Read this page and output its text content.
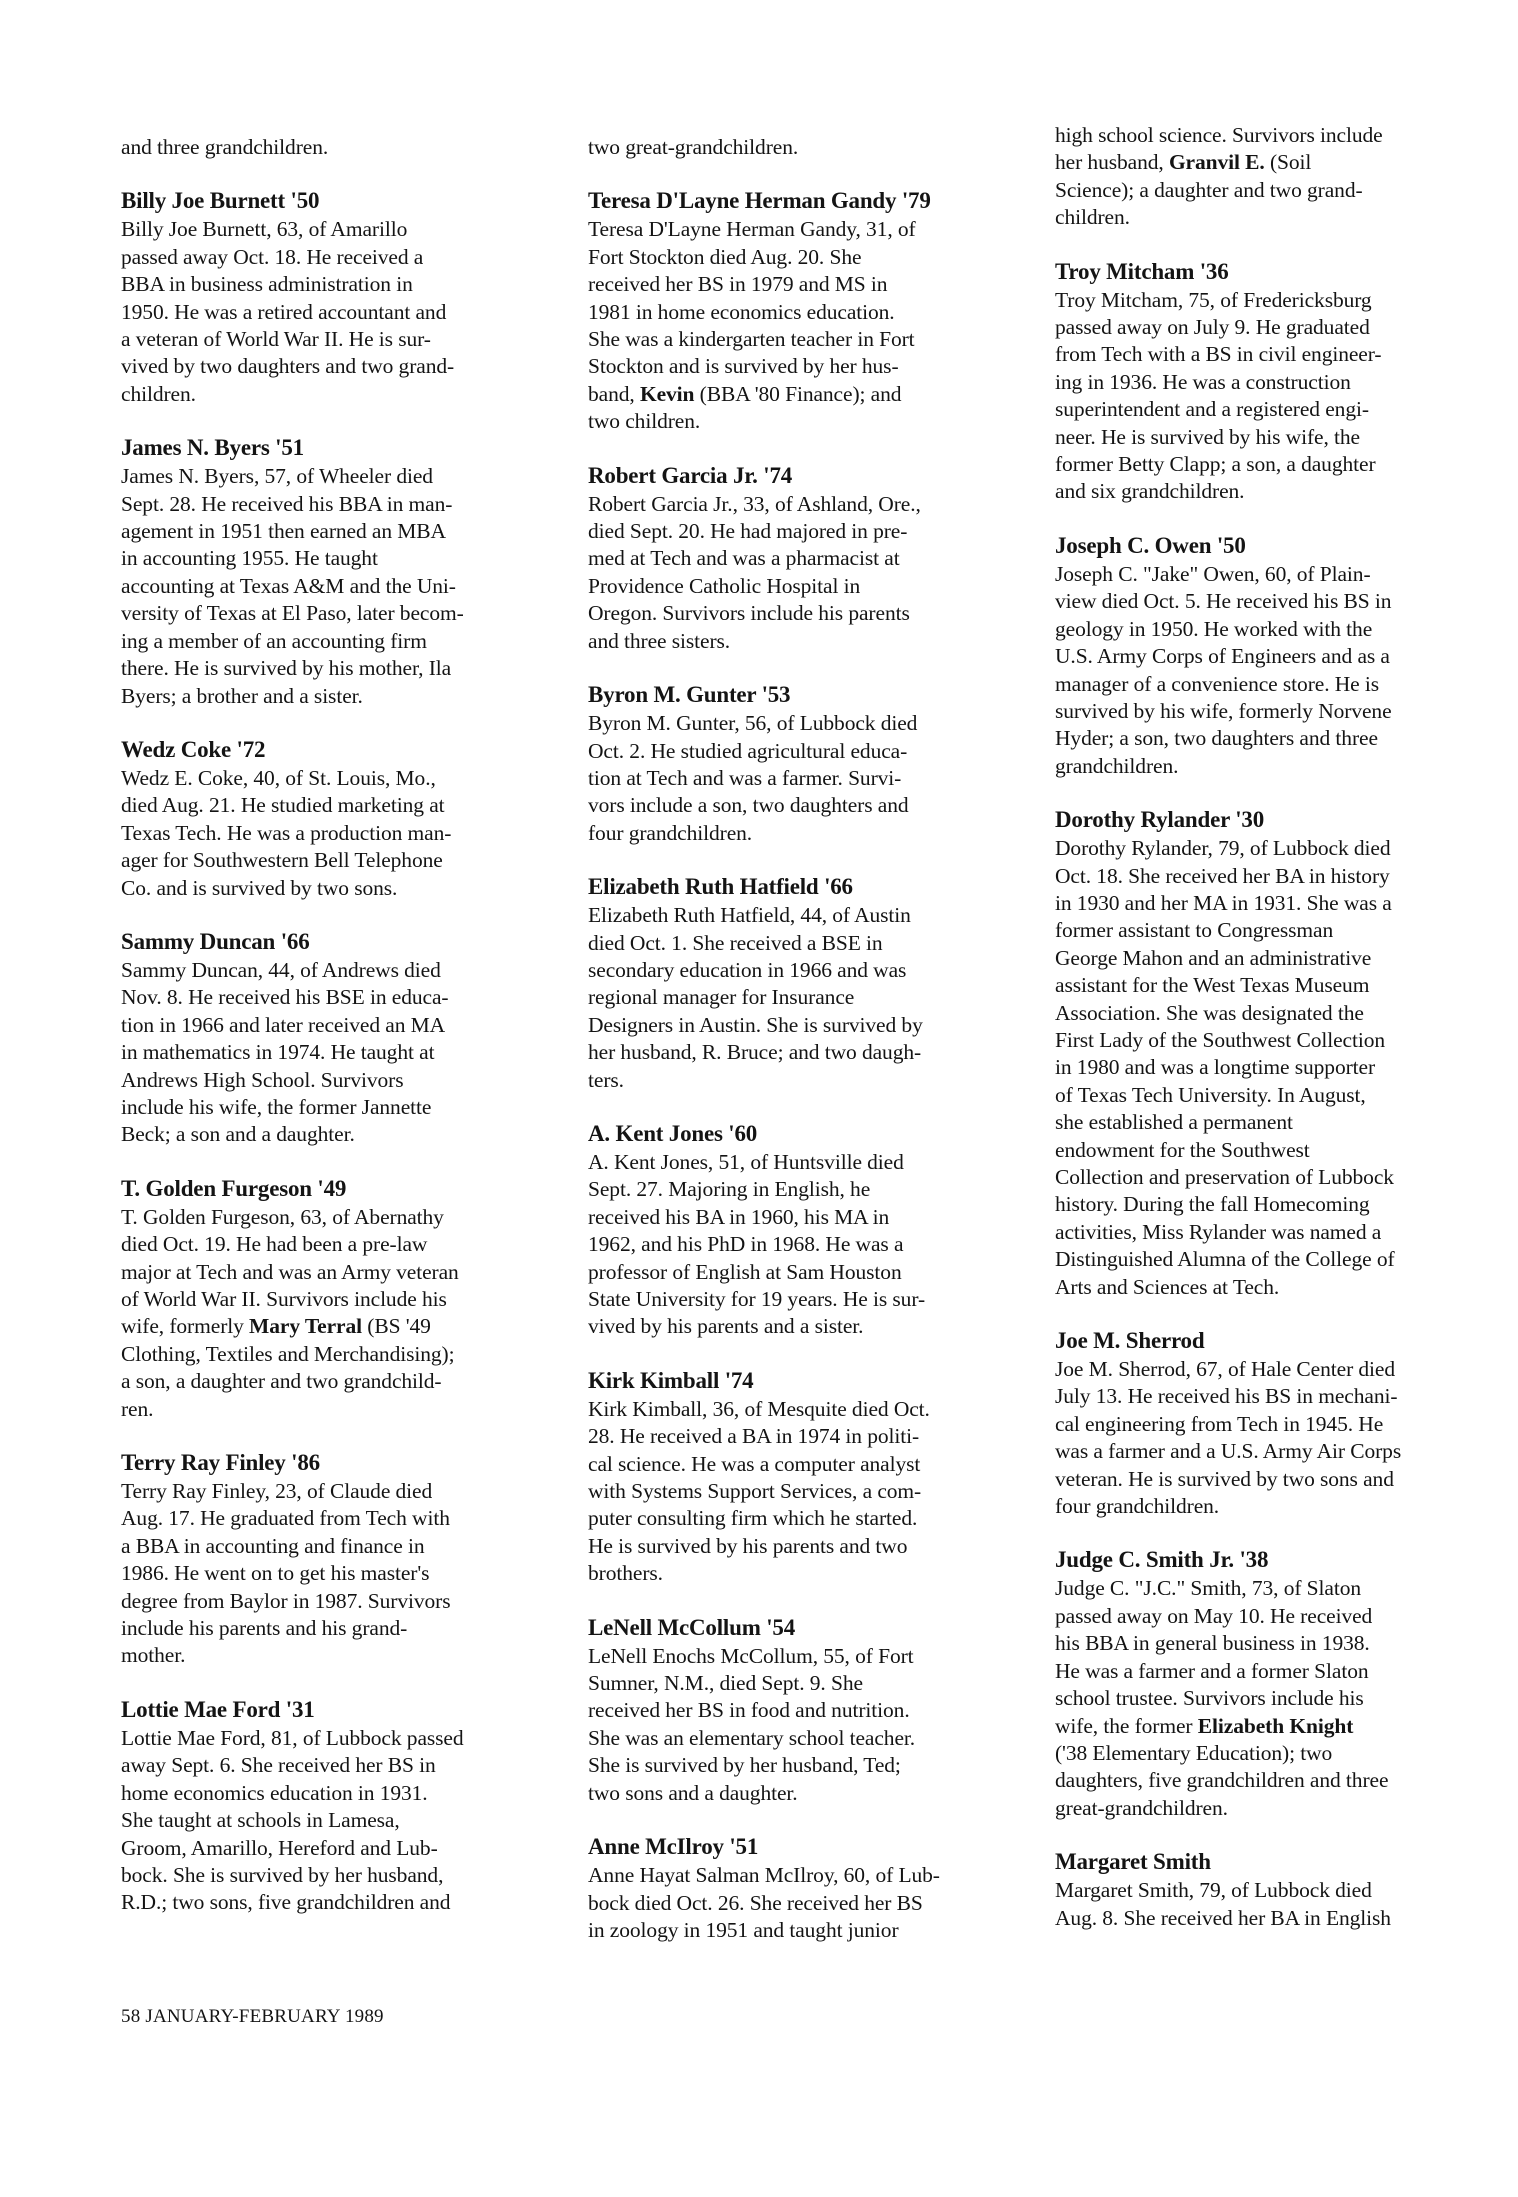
and three grandchildren.

Billy Joe Burnett '50

Billy Joe Burnett, 63, of Amarillo
passed away Oct. 18. He received a
BBA in business administration in
1950. He was a retired accountant and
a veteran of World War II. He is sur-
vived by two daughters and two grand-
children.

James N. Byers '51

James N. Byers, 57, of Wheeler died
Sept. 28. He received his BBA in man-
agement in 1951 then earned an MBA
in accounting 1955. He taught
accounting at Texas A&M and the Uni-
versity of Texas at El Paso, later becom-
ing a member of an accounting firm
there. He is survived by his mother, Ila
Byers; a brother and a sister.

Wedz Coke '72

Wedz E. Coke, 40, of St. Louis, Mo.,
died Aug. 21. He studied marketing at
Texas Tech. He was a production man-
ager for Southwestern Bell Telephone
Co. and is survived by two sons.

Sammy Duncan '66

Sammy Duncan, 44, of Andrews died
Nov. 8. He received his BSE in educa-
tion in 1966 and later received an MA
in mathematics in 1974. He taught at
Andrews High School. Survivors
include his wife, the former Jannette
Beck; a son and a daughter.

T. Golden Furgeson '49

T. Golden Furgeson, 63, of Abernathy
died Oct. 19. He had been a pre-law
major at Tech and was an Army veteran
of World War II. Survivors include his
wife, formerly Mary Terral (BS '49
Clothing, Textiles and Merchandising);
a son, a daughter and two grandchild-
ren.

Terry Ray Finley '86

Terry Ray Finley, 23, of Claude died
Aug. 17. He graduated from Tech with
a BBA in accounting and finance in
1986. He went on to get his master's
degree from Baylor in 1987. Survivors
include his parents and his grand-
mother.

Lottie Mae Ford '31

Lottie Mae Ford, 81, of Lubbock passed
away Sept. 6. She received her BS in
home economics education in 1931.
She taught at schools in Lamesa,
Groom, Amarillo, Hereford and Lub-
bock. She is survived by her husband,
R.D.; two sons, five grandchildren and

two great-grandchildren.

Teresa D'Layne Herman Gandy '79

Teresa D'Layne Herman Gandy, 31, of
Fort Stockton died Aug. 20. She
received her BS in 1979 and MS in
1981 in home economics education.
She was a kindergarten teacher in Fort
Stockton and is survived by her hus-
band, Kevin (BBA '80 Finance); and
two children.

Robert Garcia Jr. '74

Robert Garcia Jr., 33, of Ashland, Ore.,
died Sept. 20. He had majored in pre-
med at Tech and was a pharmacist at
Providence Catholic Hospital in
Oregon. Survivors include his parents
and three sisters.

Byron M. Gunter '53

Byron M. Gunter, 56, of Lubbock died
Oct. 2. He studied agricultural educa-
tion at Tech and was a farmer. Survi-
vors include a son, two daughters and
four grandchildren.

Elizabeth Ruth Hatfield '66

Elizabeth Ruth Hatfield, 44, of Austin
died Oct. 1. She received a BSE in
secondary education in 1966 and was
regional manager for Insurance
Designers in Austin. She is survived by
her husband, R. Bruce; and two daugh-
ters.

A. Kent Jones '60

A. Kent Jones, 51, of Huntsville died
Sept. 27. Majoring in English, he
received his BA in 1960, his MA in
1962, and his PhD in 1968. He was a
professor of English at Sam Houston
State University for 19 years. He is sur-
vived by his parents and a sister.

Kirk Kimball '74

Kirk Kimball, 36, of Mesquite died Oct.
28. He received a BA in 1974 in politi-
cal science. He was a computer analyst
with Systems Support Services, a com-
puter consulting firm which he started.
He is survived by his parents and two
brothers.

LeNell McCollum '54

LeNell Enochs McCollum, 55, of Fort
Sumner, N.M., died Sept. 9. She
received her BS in food and nutrition.
She was an elementary school teacher.
She is survived by her husband, Ted;
two sons and a daughter.

Anne McIlroy '51

Anne Hayat Salman McIlroy, 60, of Lub-
bock died Oct. 26. She received her BS
in zoology in 1951 and taught junior

high school science. Survivors include
her husband, Granvil E. (Soil
Science); a daughter and two grand-
children.

Troy Mitcham '36

Troy Mitcham, 75, of Fredericksburg
passed away on July 9. He graduated
from Tech with a BS in civil engineer-
ing in 1936. He was a construction
superintendent and a registered engi-
neer. He is survived by his wife, the
former Betty Clapp; a son, a daughter
and six grandchildren.

Joseph C. Owen '50

Joseph C. "Jake" Owen, 60, of Plain-
view died Oct. 5. He received his BS in
geology in 1950. He worked with the
U.S. Army Corps of Engineers and as a
manager of a convenience store. He is
survived by his wife, formerly Norvene
Hyder; a son, two daughters and three
grandchildren.

Dorothy Rylander '30

Dorothy Rylander, 79, of Lubbock died
Oct. 18. She received her BA in history
in 1930 and her MA in 1931. She was a
former assistant to Congressman
George Mahon and an administrative
assistant for the West Texas Museum
Association. She was designated the
First Lady of the Southwest Collection
in 1980 and was a longtime supporter
of Texas Tech University. In August,
she established a permanent
endowment for the Southwest
Collection and preservation of Lubbock
history. During the fall Homecoming
activities, Miss Rylander was named a
Distinguished Alumna of the College of
Arts and Sciences at Tech.

Joe M. Sherrod

Joe M. Sherrod, 67, of Hale Center died
July 13. He received his BS in mechani-
cal engineering from Tech in 1945. He
was a farmer and a U.S. Army Air Corps
veteran. He is survived by two sons and
four grandchildren.

Judge C. Smith Jr. '38

Judge C. "J.C." Smith, 73, of Slaton
passed away on May 10. He received
his BBA in general business in 1938.
He was a farmer and a former Slaton
school trustee. Survivors include his
wife, the former Elizabeth Knight
('38 Elementary Education); two
daughters, five grandchildren and three
great-grandchildren.

Margaret Smith

Margaret Smith, 79, of Lubbock died
Aug. 8. She received her BA in English

58 JANUARY-FEBRUARY 1989
